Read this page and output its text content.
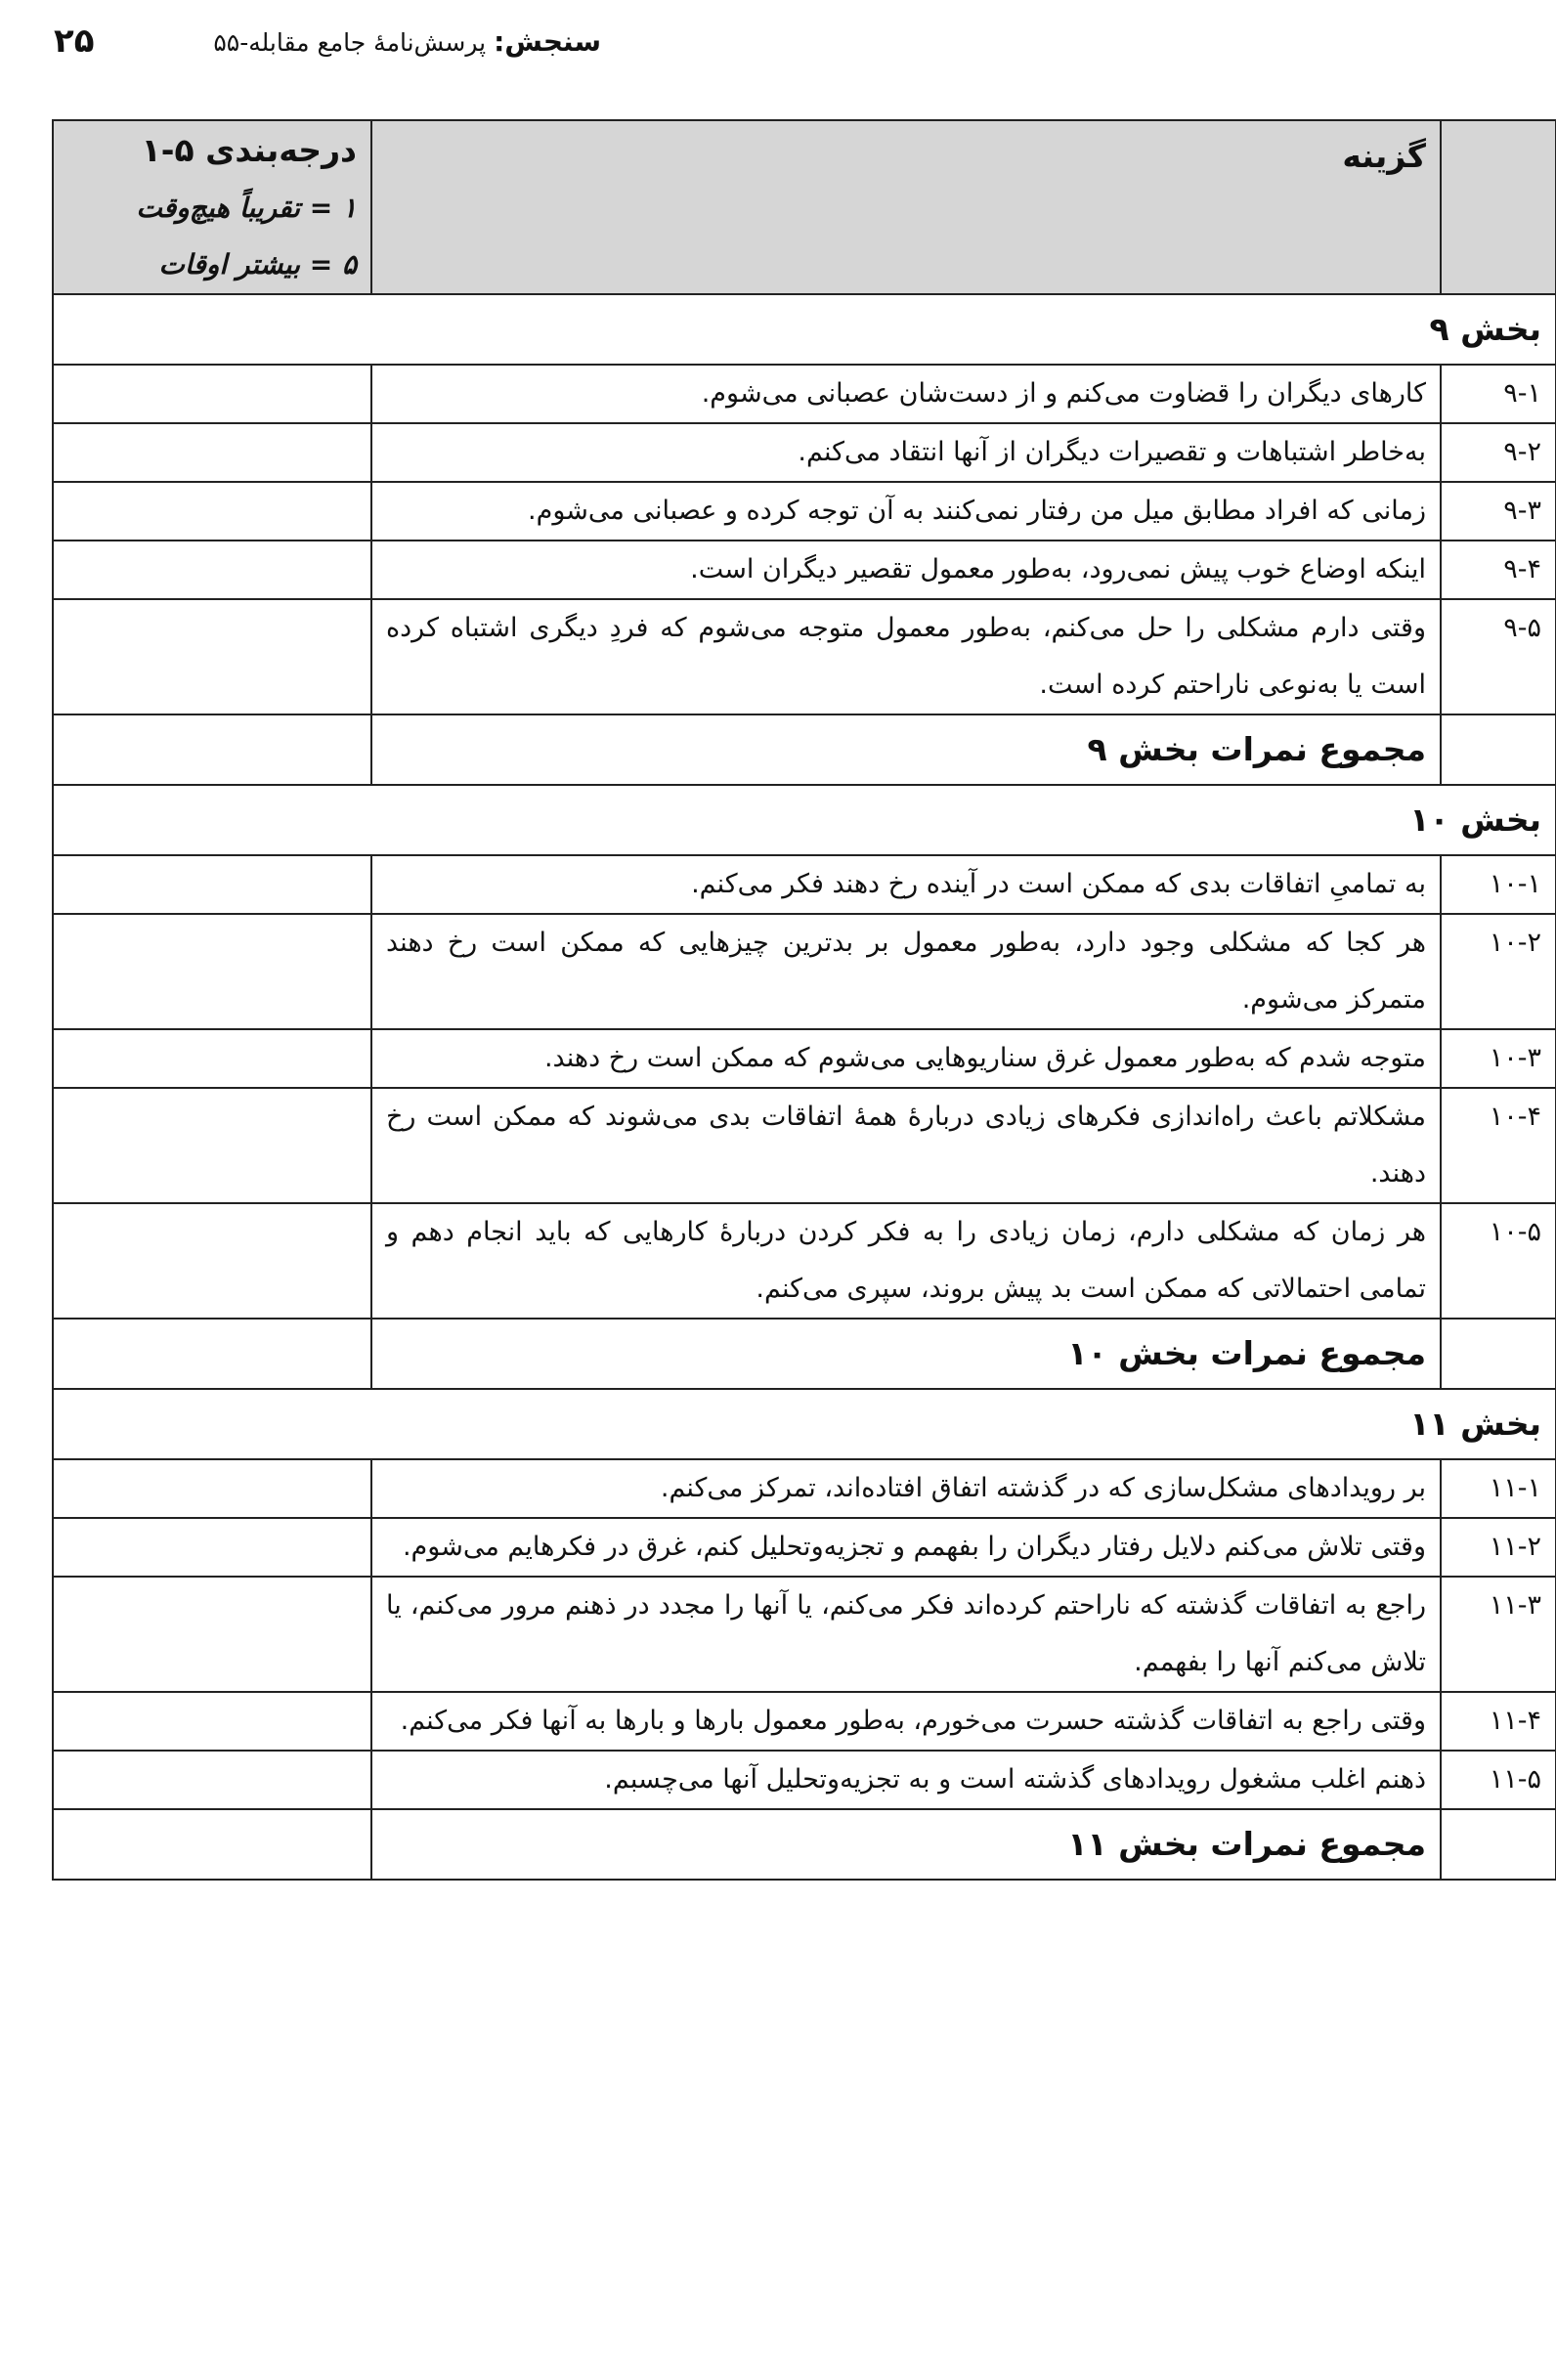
۲۵	سنجش: پرسش‌نامۀ جامع مقابله-۵۵
	گزینه	درجه‌بندی ۵-۱
۱ = تقریباً هیچ‌وقت
۵ = بیشتر اوقات

بخش ۹		
۹-۱	کارهای دیگران را قضاوت می‌کنم و از دست‌شان عصبانی می‌شوم.	
۹-۲	به‌خاطر اشتباهات و تقصیرات دیگران از آنها انتقاد می‌کنم.	
۹-۳	زمانی که افراد مطابق میل من رفتار نمی‌کنند به آن توجه کرده و عصبانی می‌شوم.	
۹-۴	اینکه اوضاع خوب پیش نمی‌رود، به‌طور معمول تقصیر دیگران است.	
۹-۵	وقتی دارم مشکلی را حل می‌کنم، به‌طور معمول متوجه می‌شوم که فردِ دیگری اشتباه کرده است یا به‌نوعی ناراحتم کرده است.	
	مجموع نمرات بخش ۹	
بخش ۱۰		
۱۰-۱	به تمامیِ اتفاقات بدی که ممکن است در آینده رخ دهند فکر می‌کنم.	
۱۰-۲	هر کجا که مشکلی وجود دارد، به‌طور معمول بر بدترین چیزهایی که ممکن است رخ دهند متمرکز می‌شوم.	
۱۰-۳	متوجه شدم که به‌طور معمول غرق سناریوهایی می‌شوم که ممکن است رخ دهند.	
۱۰-۴	مشکلاتم باعث راه‌اندازی فکرهای زیادی دربارۀ همۀ اتفاقات بدی می‌شوند که ممکن است رخ دهند.	
۱۰-۵	هر زمان که مشکلی دارم، زمان زیادی را به فکر کردن دربارۀ کارهایی که باید انجام دهم و تمامی احتمالاتی که ممکن است بد پیش بروند، سپری می‌کنم.	
	مجموع نمرات بخش ۱۰	
بخش ۱۱		
۱۱-۱	بر رویدادهای مشکل‌سازی که در گذشته اتفاق افتاده‌اند، تمرکز می‌کنم.	
۱۱-۲	وقتی تلاش می‌کنم دلایل رفتار دیگران را بفهمم و تجزیه‌وتحلیل کنم، غرق در فکرهایم می‌شوم.	
۱۱-۳	راجع به اتفاقات گذشته که ناراحتم کرده‌اند فکر می‌کنم، یا آنها را مجدد در ذهنم مرور می‌کنم، یا تلاش می‌کنم آنها را بفهمم.	
۱۱-۴	وقتی راجع به اتفاقات گذشته حسرت می‌خورم، به‌طور معمول بارها و بارها به آنها فکر می‌کنم.	
۱۱-۵	ذهنم اغلب مشغول رویدادهای گذشته است و به تجزیه‌وتحلیل آنها می‌چسبم.	
	مجموع نمرات بخش ۱۱	
